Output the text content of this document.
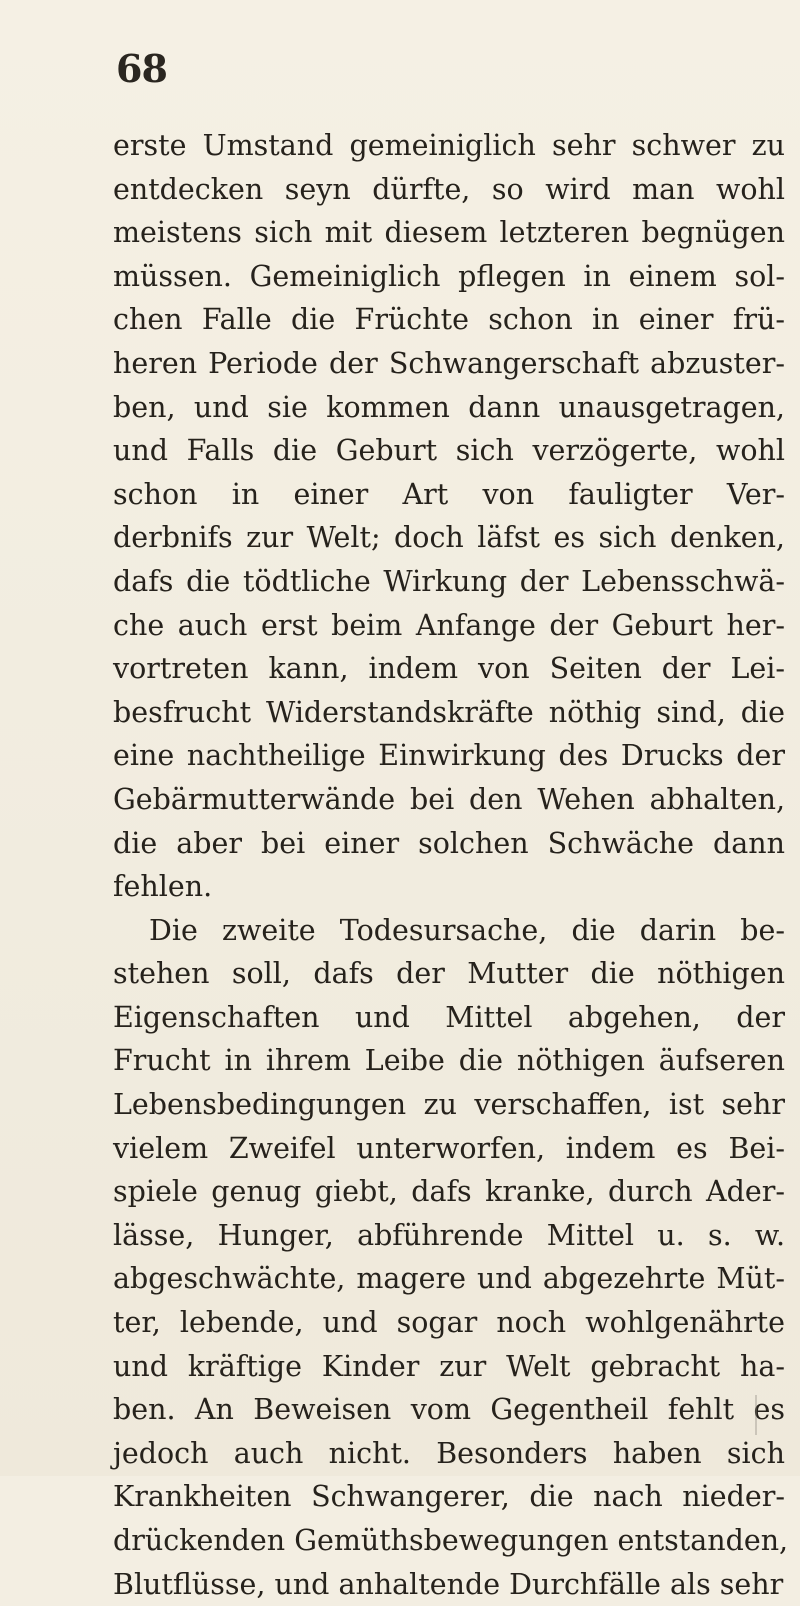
68
erste Umstand gemeiniglich sehr schwer zu
entdecken seyn dürfte, so wird man wohl
meistens sich mit diesem letzteren begnügen
müssen. Gemeiniglich pflegen in einem sol-
chen Falle die Früchte schon in einer frü-
heren Periode der Schwangerschaft abzuster-
ben, und sie kommen dann unausgetragen,
und Falls die Geburt sich verzögerte, wohl
schon in einer Art von fauligter Ver-
derbnifs zur Welt; doch läfst es sich denken,
dafs die tödtliche Wirkung der Lebensschwä-
che auch erst beim Anfange der Geburt her-
vortreten kann, indem von Seiten der Lei-
besfrucht Widerstandskräfte nöthig sind, die
eine nachtheilige Einwirkung des Drucks der
Gebärmutterwände bei den Wehen abhalten,
die aber bei einer solchen Schwäche dann
fehlen.
Die zweite Todesursache, die darin be-
stehen soll, dafs der Mutter die nöthigen
Eigenschaften und Mittel abgehen, der
Frucht in ihrem Leibe die nöthigen äufseren
Lebensbedingungen zu verschaffen, ist sehr
vielem Zweifel unterworfen, indem es Bei-
spiele genug giebt, dafs kranke, durch Ader-
lässe, Hunger, abführende Mittel u. s. w.
abgeschwächte, magere und abgezehrte Müt-
ter, lebende, und sogar noch wohlgenährte
und kräftige Kinder zur Welt gebracht ha-
ben. An Beweisen vom Gegentheil fehlt es
jedoch auch nicht. Besonders haben sich
Krankheiten Schwangerer, die nach nieder-
drückenden Gemüthsbewegungen entstanden,
Blutflüsse, und anhaltende Durchfälle als sehr
